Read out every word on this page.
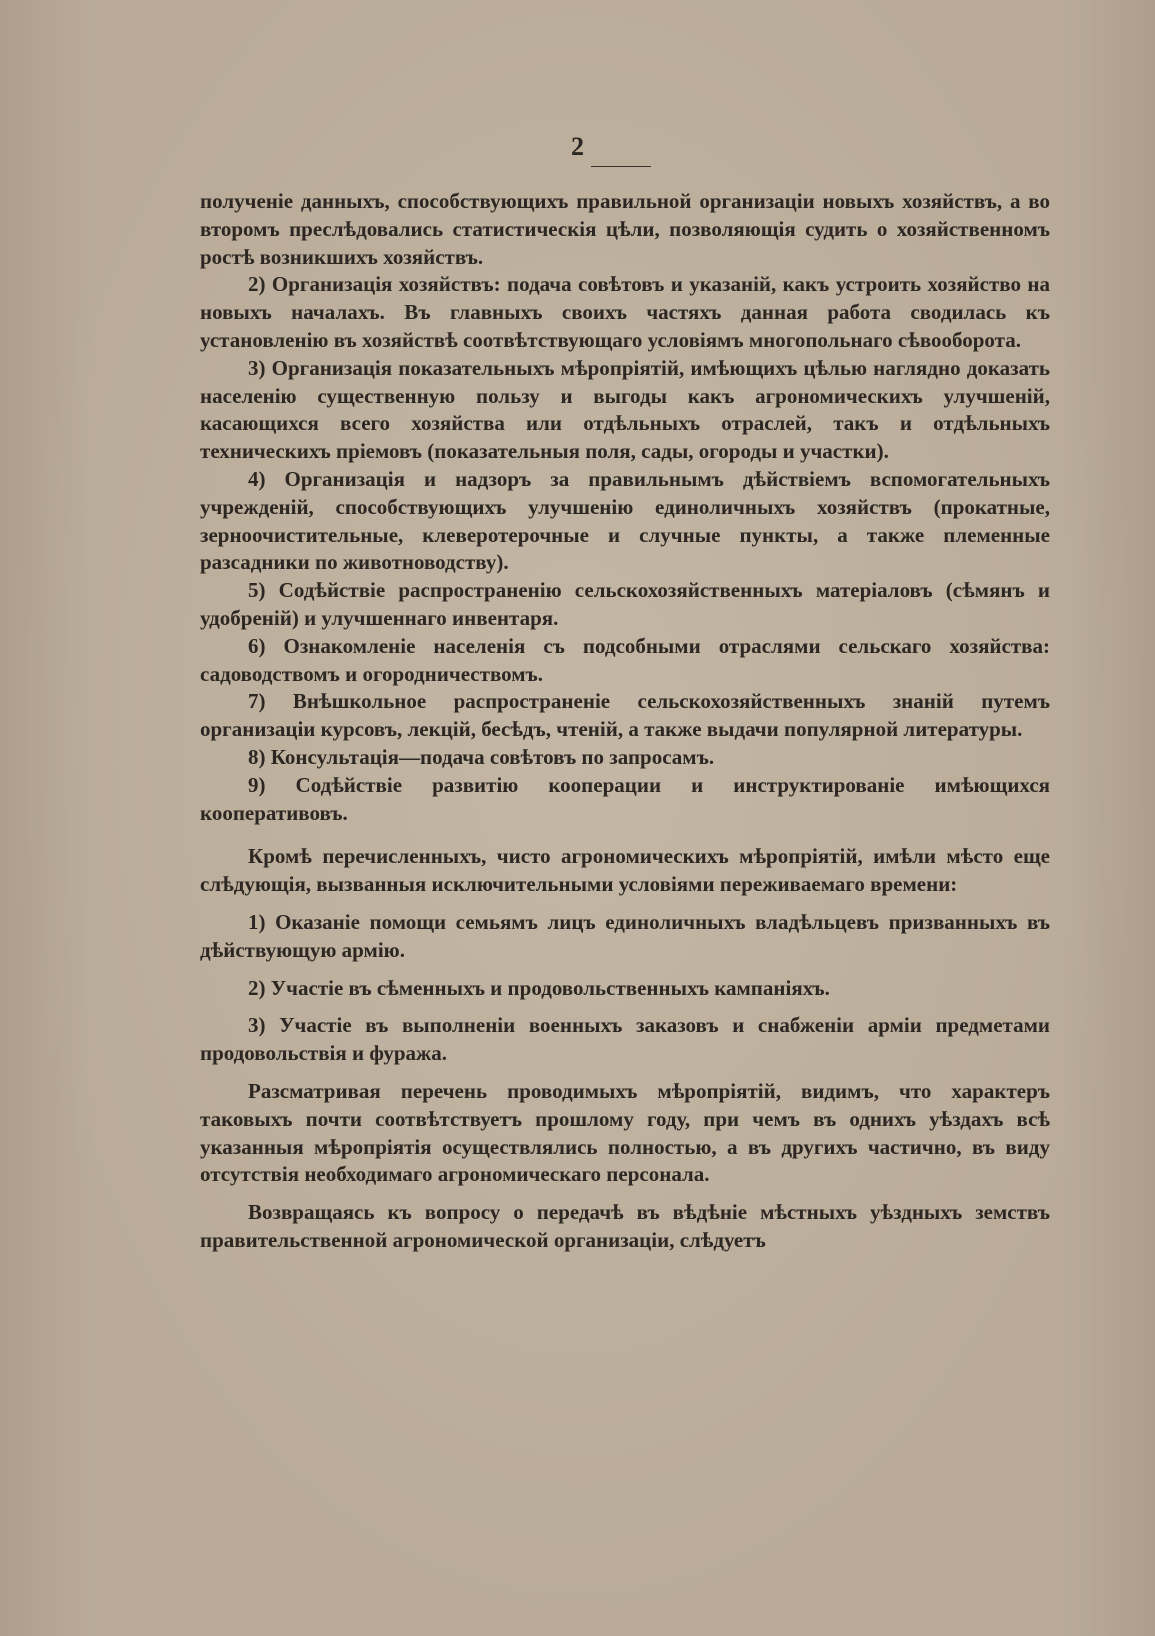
2

полученіе данныхъ, способствующихъ правильной организаціи новыхъ хозяйствъ, а во второмъ преслѣдовались статистическія цѣли, позволяющія судить о хозяйственномъ ростѣ возникшихъ хозяйствъ.

2) Организація хозяйствъ: подача совѣтовъ и указаній, какъ устроить хозяйство на новыхъ началахъ. Въ главныхъ своихъ частяхъ данная работа сводилась къ установленію въ хозяйствѣ соотвѣтствующаго условіямъ многопольнаго сѣвооборота.

3) Организація показательныхъ мѣропріятій, имѣющихъ цѣлью наглядно доказать населенію существенную пользу и выгоды какъ агрономическихъ улучшеній, касающихся всего хозяйства или отдѣльныхъ отраслей, такъ и отдѣльныхъ техническихъ пріемовъ (показательныя поля, сады, огороды и участки).

4) Организація и надзоръ за правильнымъ дѣйствіемъ вспомогательныхъ учрежденій, способствующихъ улучшенію единоличныхъ хозяйствъ (прокатные, зерноочистительные, клеверотерочные и случные пункты, а также племенные разсадники по животноводству).

5) Содѣйствіе распространенію сельскохозяйственныхъ матеріаловъ (сѣмянъ и удобреній) и улучшеннаго инвентаря.

6) Ознакомленіе населенія съ подсобными отраслями сельскаго хозяйства: садоводствомъ и огородничествомъ.

7) Внѣшкольное распространеніе сельскохозяйственныхъ знаній путемъ организаціи курсовъ, лекцій, бесѣдъ, чтеній, а также выдачи популярной литературы.

8) Консультація—подача совѣтовъ по запросамъ.

9) Содѣйствіе развитію кооперации и инструктированіе имѣющихся кооперативовъ.

Кромѣ перечисленныхъ, чисто агрономическихъ мѣропріятій, имѣли мѣсто еще слѣдующія, вызванныя исключительными условіями переживаемаго времени:

1) Оказаніе помощи семьямъ лицъ единоличныхъ владѣльцевъ призванныхъ въ дѣйствующую армію.

2) Участіе въ сѣменныхъ и продовольственныхъ кампаніяхъ.

3) Участіе въ выполненіи военныхъ заказовъ и снабженіи арміи предметами продовольствія и фуража.

Разсматривая перечень проводимыхъ мѣропріятій, видимъ, что характеръ таковыхъ почти соотвѣтствуетъ прошлому году, при чемъ въ однихъ уѣздахъ всѣ указанныя мѣропріятія осуществлялись полностью, а въ другихъ частично, въ виду отсутствія необходимаго агрономическаго персонала.

Возвращаясь къ вопросу о передачѣ въ вѣдѣніе мѣстныхъ уѣздныхъ земствъ правительственной агрономической организаціи, слѣдуетъ
